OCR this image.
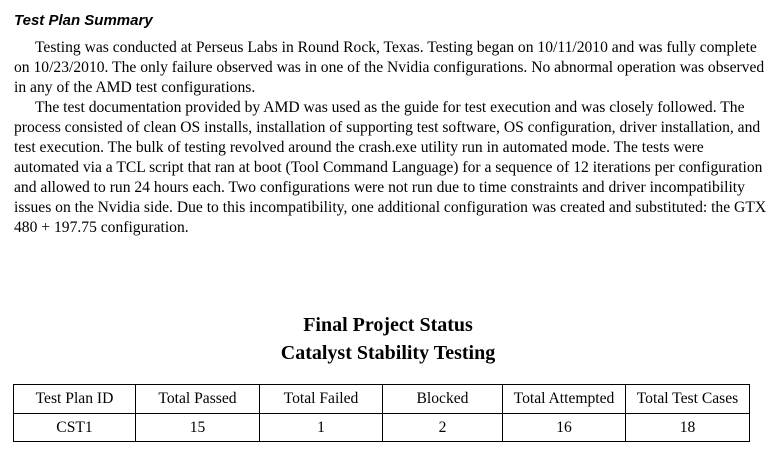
Test Plan Summary

Testing was conducted at Perseus Labs in Round Rock, Texas. Testing began on 10/11/2010 and was fully complete on 10/23/2010. The only failure observed was in one of the Nvidia configurations. No abnormal operation was observed in any of the AMD test configurations.

The test documentation provided by AMD was used as the guide for test execution and was closely followed. The process consisted of clean OS installs, installation of supporting test software, OS configuration, driver installation, and test execution. The bulk of testing revolved around the crash.exe utility run in automated mode. The tests were automated via a TCL script that ran at boot (Tool Command Language) for a sequence of 12 iterations per configuration and allowed to run 24 hours each. Two configurations were not run due to time constraints and driver incompatibility issues on the Nvidia side. Due to this incompatibility, one additional configuration was created and substituted: the GTX 480 + 197.75 configuration.

Final Project Status
Catalyst Stability Testing
Test Plan ID	Total Passed	Total Failed	Blocked	Total Attempted	Total Test Cases
CST1	15	1	2	16	18
